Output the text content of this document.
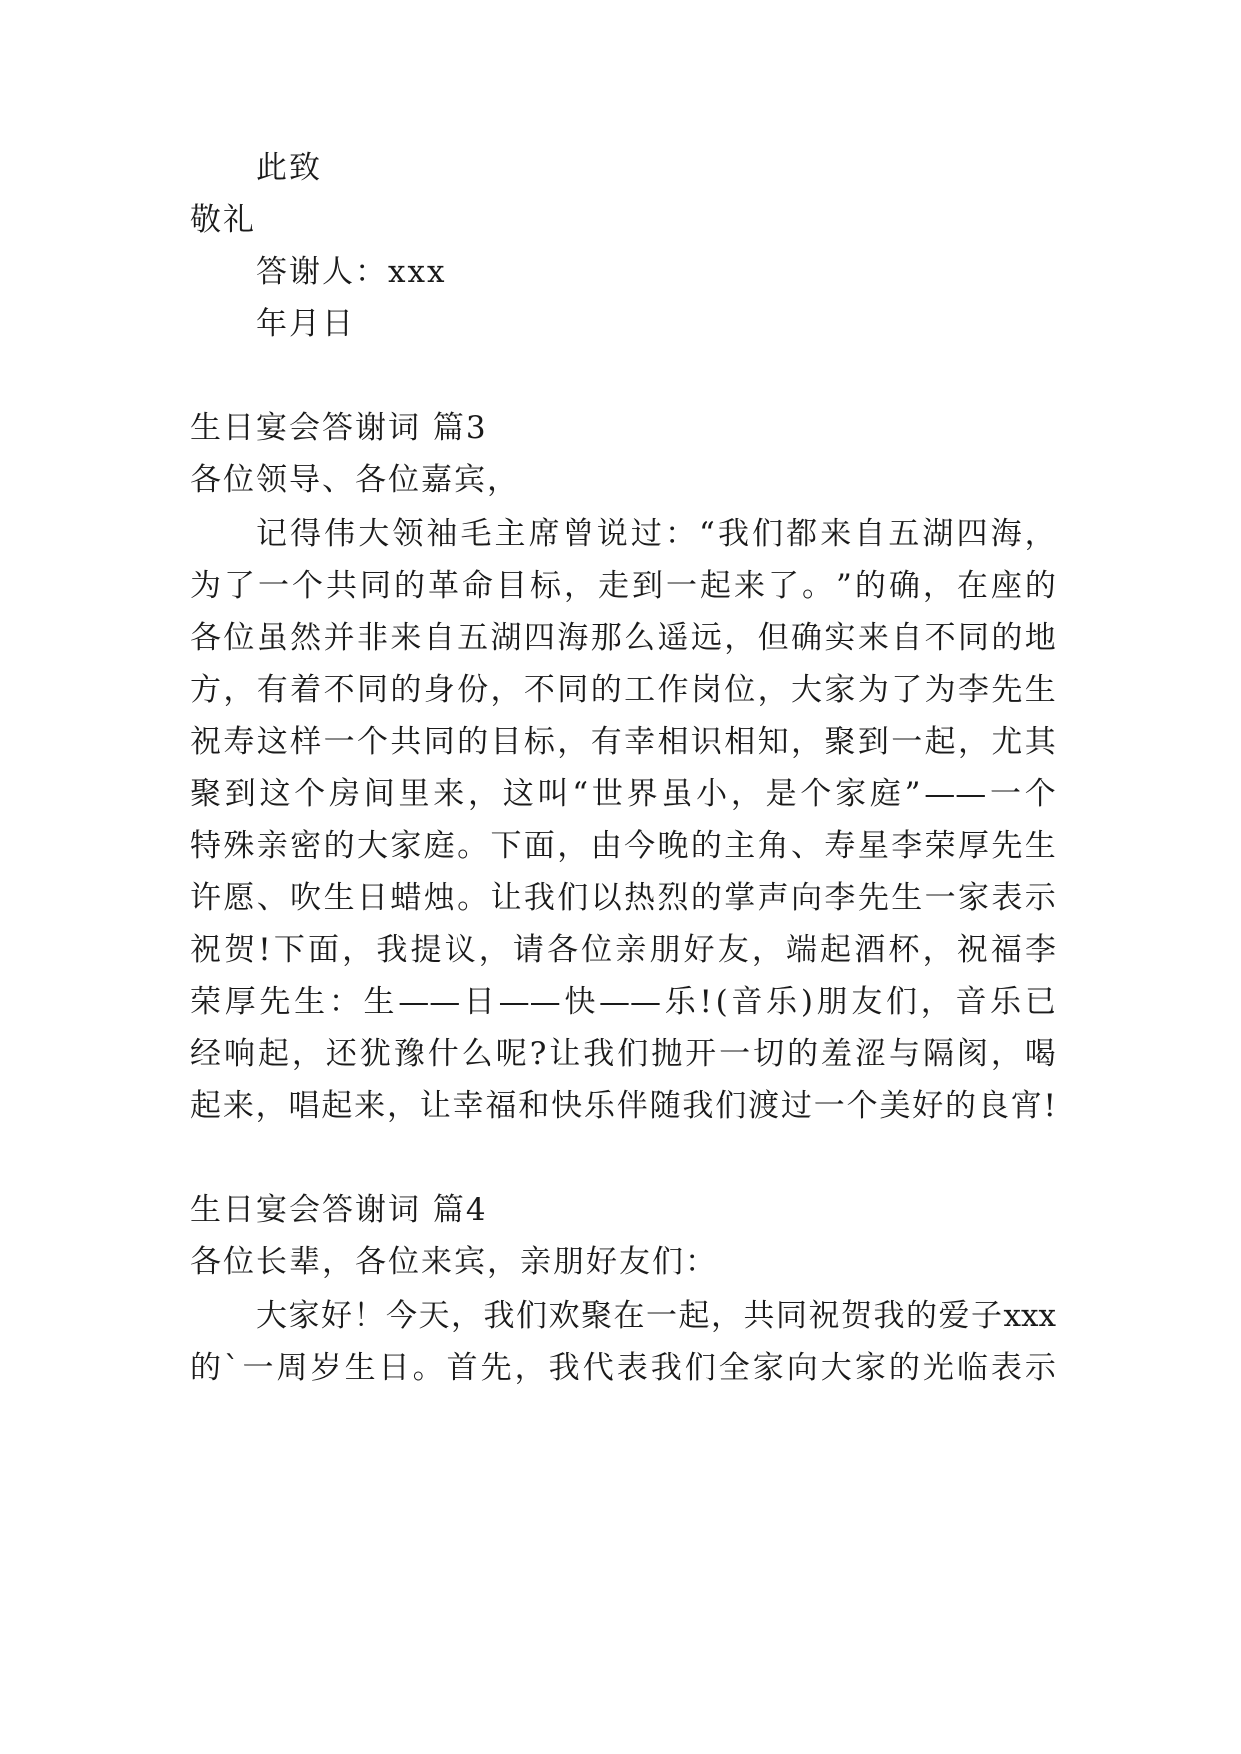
此致
敬礼
答谢人：xxx
年月日
生日宴会答谢词 篇3
各位领导、各位嘉宾，
记 得 伟 大 领 袖 毛 主 席 曾 说 过 ： “ 我 们 都 来 自 五 湖 四 海 ，
为 了 一 个 共 同 的 革 命 目 标 ， 走 到 一 起 来 了 。 ” 的 确 ， 在 座 的
各 位 虽 然 并 非 来 自 五 湖 四 海 那 么 遥 远 ， 但 确 实 来 自 不 同 的 地
方 ， 有 着 不 同 的 身 份 ， 不 同 的 工 作 岗 位 ， 大 家 为 了 为 李 先 生
祝 寿 这 样 一 个 共 同 的 目 标 ， 有 幸 相 识 相 知 ， 聚 到 一 起 ， 尤 其
聚 到 这 个 房 间 里 来 ， 这 叫 “ 世 界 虽 小 ， 是 个 家 庭 ” —— 一 个
特 殊 亲 密 的 大 家 庭 。 下 面 ， 由 今 晚 的 主 角 、 寿 星 李 荣 厚 先 生
许 愿 、 吹 生 日 蜡 烛 。 让 我 们 以 热 烈 的 掌 声 向 李 先 生 一 家 表 示
祝 贺 ! 下 面 ， 我 提 议 ， 请 各 位 亲 朋 好 友 ， 端 起 酒 杯 ， 祝 福 李
荣 厚 先 生 ： 生 —— 日 —— 快 —— 乐 ! ( 音 乐 ) 朋 友 们 ， 音 乐 已
经 响 起 ， 还 犹 豫 什 么 呢 ? 让 我 们 抛 开 一 切 的 羞 涩 与 隔 阂 ， 喝
起 来 ， 唱 起 来 ， 让 幸 福 和 快 乐 伴 随 我 们 渡 过 一 个 美 好 的 良 宵 !
生日宴会答谢词 篇4
各位长辈，各位来宾，亲朋好友们：
大 家 好 ！ 今 天 ， 我 们 欢 聚 在 一 起 ， 共 同 祝 贺 我 的 爱 子 xxx
的 ` 一 周 岁 生 日 。 首 先 ， 我 代 表 我 们 全 家 向 大 家 的 光 临 表 示
